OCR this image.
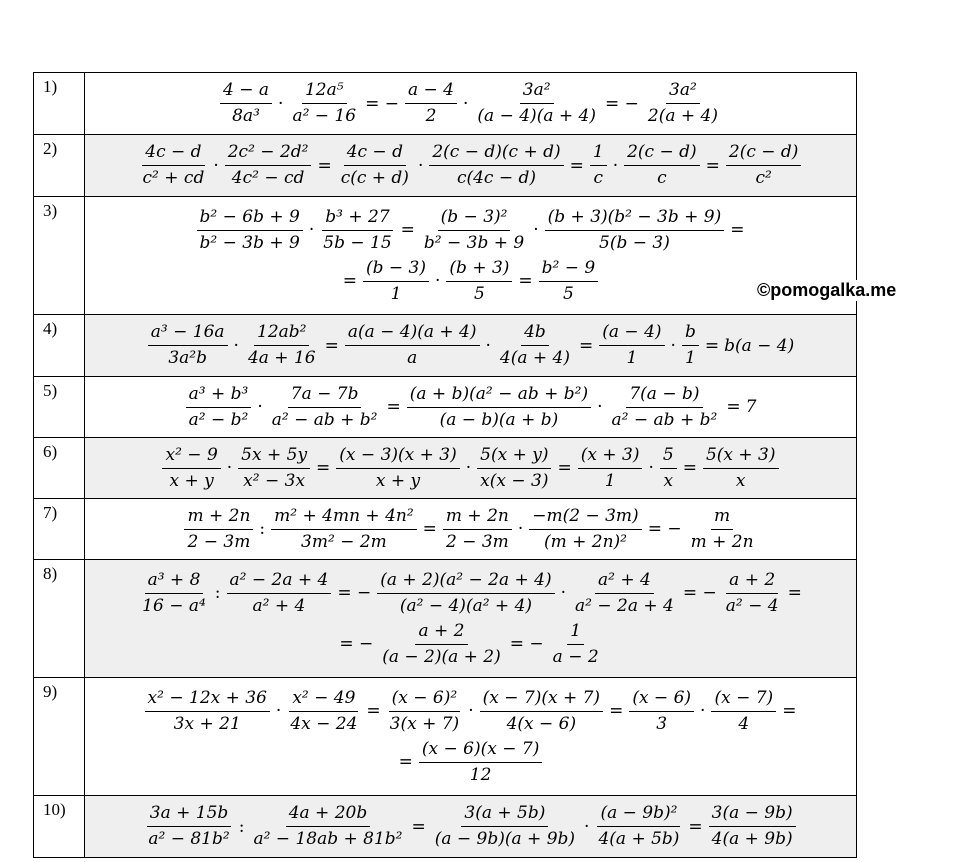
1)	$\frac{4 - a}{\text{8a³}} \cdot \frac{\text{12a⁵}}{\text{a² − 16}}$ = − $\frac{a - 4}{2} \cdot \frac{\text{3a²}}{(a - 4)(a + 4)}$ = − $\frac{\text{3a²}}{2(a + 4)}$
2)	$\frac{4c - d}{\text{c² + cd}} \cdot \frac{\text{2c² − 2d²}}{\text{4c² − cd}} = \frac{4c - d}{c(c + d)} \cdot \frac{2(c - d)(c + d)}{c(4c - d)} = \frac{1}{c} \cdot \frac{2(c - d)}{c} = \frac{2(c - d)}{\text{c²}}$
3)	$\frac{\text{b² − 6b + 9}}{\text{b² − 3b + 9}} \cdot \frac{\text{b³ + 27}}{5b - 15} = \frac{\text{(b − 3)²}}{\text{b² − 3b + 9}} \cdot \frac{\text{(b + 3)(b² − 3b + 9)}}{5(b - 3)}$ =
= $\frac{(b - 3)}{1} \cdot \frac{(b + 3)}{5} = \frac{\text{b² − 9}}{5}$
4)	$\frac{\text{a³ − 16a}}{\text{3a²b}} \cdot \frac{\text{12ab²}}{4a + 16} = \frac{a(a - 4)(a + 4)}{a} \cdot \frac{4b}{4(a + 4)} = \frac{(a - 4)}{1} \cdot \frac{b}{1} = b(a - 4)$
5)	$\frac{\text{a³ + b³}}{\text{a² − b²}} \cdot \frac{7a - 7b}{\text{a² − ab + b²}} = \frac{\text{(a + b)(a² − ab + b²)}}{(a - b)(a + b)} \cdot \frac{7(a - b)}{\text{a² − ab + b²}} = 7$
6)	$\frac{\text{x² − 9}}{x + y} \cdot \frac{5x + 5y}{\text{x² − 3x}} = \frac{(x - 3)(x + 3)}{x + y} \cdot \frac{5(x + y)}{x(x - 3)} = \frac{(x + 3)}{1} \cdot \frac{5}{x} = \frac{5(x + 3)}{x}$
7)	$\frac{m + 2n}{2 - 3m}$ : $\frac{\text{m² + 4mn + 4n²}}{\text{3m² − 2m}} = \frac{m + 2n}{2 - 3m} \cdot \frac{-m(2 - 3m)}{\text{(m + 2n)²}}$ = − $\frac{m}{m + 2n}$
8)	$\frac{\text{a³ + 8}}{\text{16 − a⁴}}$ : $\frac{\text{a² − 2a + 4}}{\text{a² + 4}}$ = − $\frac{\text{(a + 2)(a² − 2a + 4)}}{\text{(a² − 4)(a² + 4)}} \cdot \frac{\text{a² + 4}}{\text{a² − 2a + 4}}$ = − $\frac{a + 2}{\text{a² − 4}}$ =
= − $\frac{a + 2}{(a - 2)(a + 2)}$ = − $\frac{1}{a - 2}$
9)	$\frac{\text{x² − 12x + 36}}{3x + 21} \cdot \frac{\text{x² − 49}}{4x - 24} = \frac{\text{(x − 6)²}}{3(x + 7)} \cdot \frac{(x - 7)(x + 7)}{4(x - 6)} = \frac{(x - 6)}{3} \cdot \frac{(x - 7)}{4}$ =
= $\frac{(x - 6)(x - 7)}{12}$
10)	$\frac{3a + 15b}{\text{a² − 81b²}}$ : $\frac{4a + 20b}{\text{a² − 18ab + 81b²}} = \frac{3(a + 5b)}{(a - 9b)(a + 9b)} \cdot \frac{\text{(a − 9b)²}}{4(a + 5b)} = \frac{3(a - 9b)}{4(a + 9b)}$
©pomogalka.me
